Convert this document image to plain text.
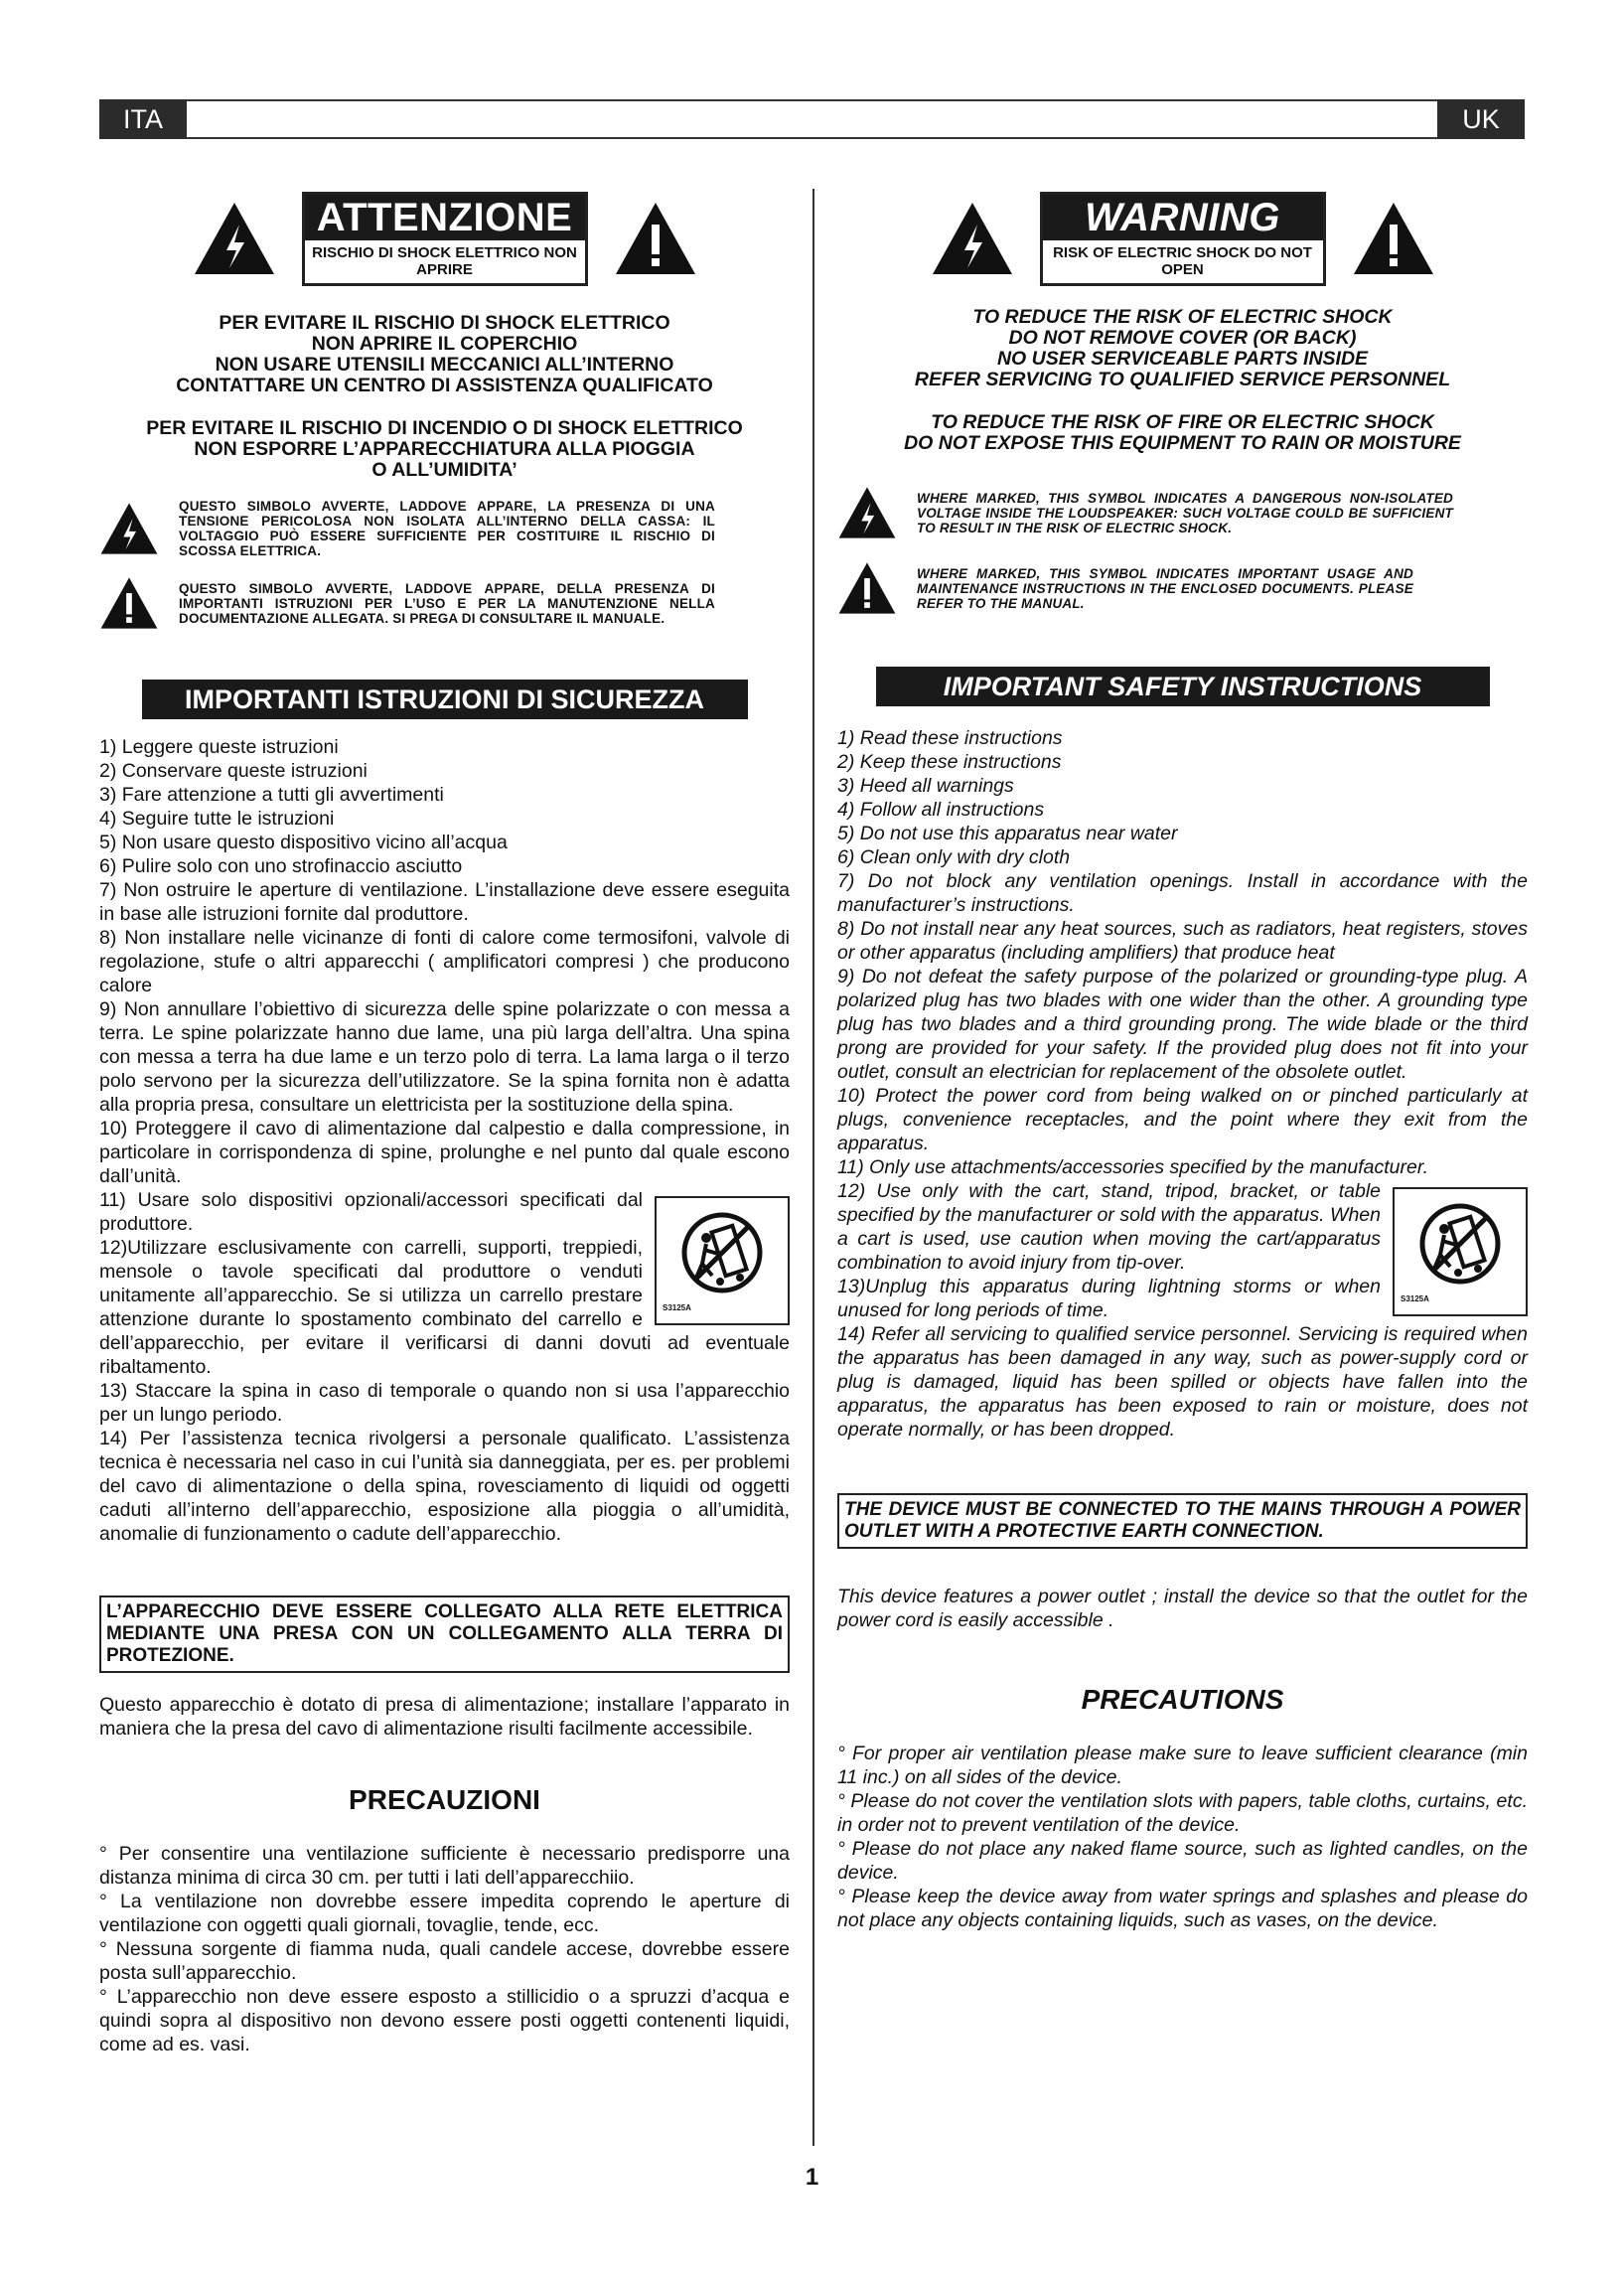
ITA	UK
ATTENZIONE
RISCHIO DI SHOCK ELETTRICO NON APRIRE
PER EVITARE IL RISCHIO DI SHOCK ELETTRICO
NON APRIRE IL COPERCHIO
NON USARE UTENSILI MECCANICI ALL’INTERNO
CONTATTARE UN CENTRO DI ASSISTENZA QUALIFICATO
PER EVITARE IL RISCHIO DI INCENDIO O DI SHOCK ELETTRICO
NON ESPORRE L’APPARECCHIATURA ALLA PIOGGIA
O ALL’UMIDITA’
QUESTO SIMBOLO AVVERTE, LADDOVE APPARE, LA PRESENZA DI UNA TENSIONE PERICOLOSA NON ISOLATA ALL’INTERNO DELLA CASSA: IL VOLTAGGIO PUÒ ESSERE SUFFICIENTE PER COSTITUIRE IL RISCHIO DI SCOSSA ELETTRICA.
QUESTO SIMBOLO AVVERTE, LADDOVE APPARE, DELLA PRESENZA DI IMPORTANTI ISTRUZIONI PER L’USO E PER LA MANUTENZIONE NELLA DOCUMENTAZIONE ALLEGATA. SI PREGA DI CONSULTARE IL MANUALE.
IMPORTANTI ISTRUZIONI DI SICUREZZA

1) Leggere queste istruzioni

2) Conservare queste istruzioni

3) Fare attenzione a tutti gli avvertimenti

4) Seguire tutte le istruzioni

5) Non usare questo dispositivo vicino all’acqua

6) Pulire solo con uno strofinaccio asciutto

7) Non ostruire le aperture di ventilazione. L’installazione deve essere eseguita in base alle istruzioni fornite dal produttore.

8) Non installare nelle vicinanze di fonti di calore come termosifoni, valvole di regolazione, stufe o altri apparecchi ( amplificatori compresi ) che producono calore

9) Non annullare l’obiettivo di sicurezza delle spine polarizzate o con messa a terra. Le spine polarizzate hanno due lame, una più larga dell’altra. Una spina con messa a terra ha due lame e un terzo polo di terra. La lama larga o il terzo polo servono per la sicurezza dell’utilizzatore. Se la spina fornita non è adatta alla propria presa, consultare un elettricista per la sostituzione della spina.

10) Proteggere il cavo di alimentazione dal calpestio e dalla compressione, in particolare in corrispondenza di spine, prolunghe e nel punto dal quale escono dall’unità.

S3125A

11) Usare solo dispositivi opzionali/accessori specificati dal produttore.

12)Utilizzare esclusivamente con carrelli, supporti, treppiedi, mensole o tavole specificati dal produttore o venduti unitamente all’apparecchio. Se si utilizza un carrello prestare attenzione durante lo spostamento combinato del carrello e dell’apparecchio, per evitare il verificarsi di danni dovuti ad eventuale ribaltamento.

13) Staccare la spina in caso di temporale o quando non si usa l’apparecchio per un lungo periodo.

14) Per l’assistenza tecnica rivolgersi a personale qualificato. L’assistenza tecnica è necessaria nel caso in cui l’unità sia danneggiata, per es. per problemi del cavo di alimentazione o della spina, rovesciamento di liquidi od oggetti caduti all’interno dell’apparecchio, esposizione alla pioggia o all’umidità, anomalie di funzionamento o cadute dell’apparecchio.

L’APPARECCHIO DEVE ESSERE COLLEGATO ALLA RETE ELETTRICA MEDIANTE UNA PRESA CON UN COLLEGAMENTO ALLA TERRA DI PROTEZIONE.
Questo apparecchio è dotato di presa di alimentazione; installare l’apparato in maniera che la presa del cavo di alimentazione risulti facilmente accessibile.
PRECAUZIONI
° Per consentire una ventilazione sufficiente è necessario predisporre una distanza minima di circa 30 cm. per tutti i lati dell’apparecchiio.
° La ventilazione non dovrebbe essere impedita coprendo le aperture di ventilazione con oggetti quali giornali, tovaglie, tende, ecc.
° Nessuna sorgente di fiamma nuda, quali candele accese, dovrebbe essere posta sull’apparecchio.
° L’apparecchio non deve essere esposto a stillicidio o a spruzzi d’acqua e quindi sopra al dispositivo non devono essere posti oggetti contenenti liquidi, come ad es. vasi.
WARNING
RISK OF ELECTRIC SHOCK DO NOT OPEN
TO REDUCE THE RISK OF ELECTRIC SHOCK
DO NOT REMOVE COVER (OR BACK)
NO USER SERVICEABLE PARTS INSIDE
REFER SERVICING TO QUALIFIED SERVICE PERSONNEL
TO REDUCE THE RISK OF FIRE OR ELECTRIC SHOCK
DO NOT EXPOSE THIS EQUIPMENT TO RAIN OR MOISTURE
WHERE MARKED, THIS SYMBOL INDICATES A DANGEROUS NON-ISOLATED VOLTAGE INSIDE THE LOUDSPEAKER: SUCH VOLTAGE COULD BE SUFFICIENT TO RESULT IN THE RISK OF ELECTRIC SHOCK.
WHERE MARKED, THIS SYMBOL INDICATES IMPORTANT USAGE AND MAINTENANCE INSTRUCTIONS IN THE ENCLOSED DOCUMENTS. PLEASE REFER TO THE MANUAL.
IMPORTANT SAFETY INSTRUCTIONS

1) Read these instructions

2) Keep these instructions

3) Heed all warnings

4) Follow all instructions

5) Do not use this apparatus near water

6) Clean only with dry cloth

7) Do not block any ventilation openings. Install in accordance with the manufacturer’s instructions.

8) Do not install near any heat sources, such as radiators, heat registers, stoves or other apparatus (including amplifiers) that produce heat

9) Do not defeat the safety purpose of the polarized or grounding-type plug. A polarized plug has two blades with one wider than the other. A grounding type plug has two blades and a third grounding prong. The wide blade or the third prong are provided for your safety. If the provided plug does not fit into your outlet, consult an electrician for replacement of the obsolete outlet.

10) Protect the power cord from being walked on or pinched particularly at plugs, convenience receptacles, and the point where they exit from the apparatus.

11) Only use attachments/accessories specified by the manufacturer.

S3125A

12) Use only with the cart, stand, tripod, bracket, or table specified by the manufacturer or sold with the apparatus. When a cart is used, use caution when moving the cart/apparatus combination to avoid injury from tip-over.

13)Unplug this apparatus during lightning storms or when unused for long periods of time.

14) Refer all servicing to qualified service personnel. Servicing is required when the apparatus has been damaged in any way, such as power-supply cord or plug is damaged, liquid has been spilled or objects have fallen into the apparatus, the apparatus has been exposed to rain or moisture, does not operate normally, or has been dropped.

THE DEVICE MUST BE CONNECTED TO THE MAINS THROUGH A POWER OUTLET WITH A PROTECTIVE EARTH CONNECTION.
This device features a power outlet ; install the device so that the outlet for the power cord is easily accessible .
PRECAUTIONS
° For proper air ventilation please make sure to leave sufficient clearance (min 11 inc.) on all sides of the device.
° Please do not cover the ventilation slots with papers, table cloths, curtains, etc. in order not to prevent ventilation of the device.
° Please do not place any naked flame source, such as lighted candles, on the device.
° Please keep the device away from water springs and splashes and please do not place any objects containing liquids, such as vases, on the device.
1
